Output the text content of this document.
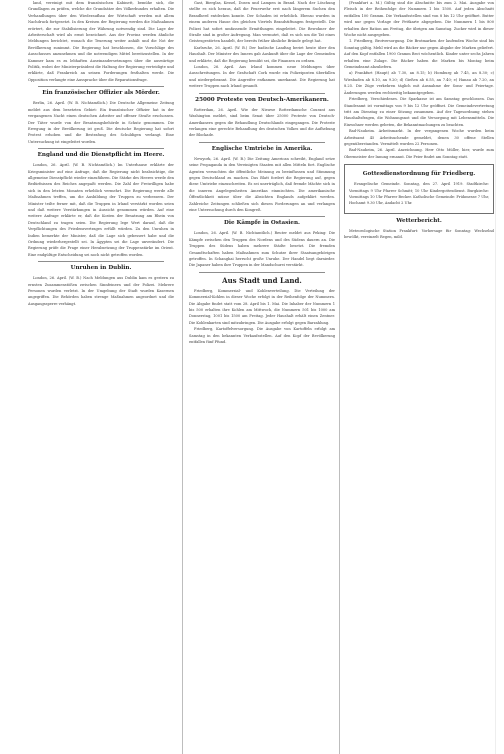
land, vereinigt mit dem französischen Kabinett, bemühe sich, die Grundlagen zu prüfen, welche die Grundsätze des Völkerbundes erhalten. Die Verhandlungen über den Wiederaufbau der Wirtschaft werden mit allem Nachdruck fortgesetzt. In den Kreisen der Regierung werden die Maßnahmen erörtert, die zur Stabilisierung der Währung notwendig sind. Die Lage der Arbeiterschaft wird als ernst bezeichnet. Aus der Provinz werden ähnliche Meldungen berichtet, wonach die Teuerung weiter anhält und die Not der Bevölkerung zunimmt. Die Regierung hat beschlossen, die Vorschläge des Ausschusses anzunehmen und die notwendigen Mittel bereitzustellen. In der Kammer kam es zu lebhaften Auseinandersetzungen über die auswärtige Politik, wobei der Ministerpräsident die Haltung der Regierung verteidigte und erklärte, daß Frankreich an seinen Forderungen festhalten werde. Die Opposition verlangte eine Aussprache über die Reparationsfrage.

Ein französischer Offizier als Mörder.

Berlin, 26. April. (W. B. Nichtamtlich.) Die Deutsche Allgemeine Zeitung meldet aus dem besetzten Gebiet: Ein französischer Offizier hat in der vergangenen Nacht einen deutschen Arbeiter auf offener Straße erschossen. Der Täter wurde von der Besatzungsbehörde in Schutz genommen. Die Erregung in der Bevölkerung ist groß. Die deutsche Regierung hat sofort Protest erhoben und die Bestrafung des Schuldigen verlangt. Eine Untersuchung ist eingeleitet worden.

England und die Dienstpflicht im Heere.

London, 26. April. (W. B. Nichtamtlich.) Im Unterhause erklärte der Kriegsminister auf eine Anfrage, daß die Regierung nicht beabsichtige, die allgemeine Dienstpflicht wieder einzuführen. Die Stärke des Heeres werde den Bedürfnissen des Reiches angepaßt werden. Die Zahl der Freiwilligen habe sich in den letzten Monaten erheblich vermehrt. Die Regierung werde alle Maßnahmen treffen, um die Ausbildung der Truppen zu verbessern. Der Minister teilte ferner mit, daß die Truppen in Irland verstärkt worden seien und daß weitere Verstärkungen in Aussicht genommen würden. Auf eine weitere Anfrage erklärte er, daß die Kosten der Besatzung am Rhein von Deutschland zu tragen seien. Die Regierung lege Wert darauf, daß die Verpflichtungen des Friedensvertrages erfüllt würden. Zu den Unruhen in Indien bemerkte der Minister, daß die Lage sich gebessert habe und die Ordnung wiederhergestellt sei. In Ägypten sei die Lage unverändert. Die Regierung prüfe die Frage einer Herabsetzung der Truppenstärke im Orient. Eine endgültige Entscheidung sei noch nicht getroffen worden.

Unruhen in Dublin.

London, 26. April. (W. B.) Nach Meldungen aus Dublin kam es gestern zu ernsten Zusammenstößen zwischen Sinnfeinern und der Polizei. Mehrere Personen wurden verletzt. In der Umgebung der Stadt wurden Kasernen angegriffen. Die Behörden haben strenge Maßnahmen angeordnet und die Ausgangssperre verhängt.

Gast, Bierglas, Kessel, Dosen und Lampen in Brand. Nach der Löschung stellte es sich heraus, daß die Feuerwehr erst nach längerem Suchen den Brandherd entdecken konnte. Der Schaden ist erheblich. Ebenso wurden in einem anderen Hause des gleichen Viertels Brandstiftungen festgestellt. Die Polizei hat sofort umfassende Ermittlungen eingeleitet. Die Bewohner der Straße sind in großer Aufregung. Man vermutet, daß es sich um die Tat eines Geistesgestörten handelt, der bereits früher ähnliche Brände gelegt hat.

Karlsruhe, 26. April. (W. B.) Der badische Landtag beriet heute über den Haushalt. Der Minister des Innern gab Auskunft über die Lage der Gemeinden und erklärte, daß die Regierung bemüht sei, die Finanzen zu ordnen.

London, 26. April. Aus Irland kommen neue Meldungen über Ausschreitungen. In der Grafschaft Cork wurde ein Polizeiposten überfallen und niedergebrannt. Die Angreifer entkamen unerkannt. Die Regierung hat weitere Truppen nach Irland gesandt.

25000 Proteste von Deutsch-Amerikanern.

Rotterdam, 26. April. Wie der Nieuwe Rotterdamsche Courant aus Washington meldet, sind beim Senat über 25000 Proteste von Deutsch-Amerikanern gegen die Behandlung Deutschlands eingegangen. Die Proteste verlangen eine gerechte Behandlung des deutschen Volkes und die Aufhebung der Blockade.

Englische Umtriebe in Amerika.

Newyork, 26. April. (W. B.) Die Zeitung American schreibt, England setze seine Propaganda in den Vereinigten Staaten mit allen Mitteln fort. Englische Agenten versuchten die öffentliche Meinung zu beeinflussen und Stimmung gegen Deutschland zu machen. Das Blatt fordert die Regierung auf, gegen diese Umtriebe einzuschreiten. Es sei unerträglich, daß fremde Mächte sich in die inneren Angelegenheiten Amerikas einmischten. Die amerikanische Öffentlichkeit müsse über die Absichten Englands aufgeklärt werden. Zahlreiche Zeitungen schließen sich diesen Forderungen an und verlangen eine Untersuchung durch den Kongreß.

Die Kämpfe in Ostasien.

London, 26. April. (W. B. Nichtamtlich.) Reuter meldet aus Peking: Die Kämpfe zwischen den Truppen des Nordens und des Südens dauern an. Die Truppen des Südens haben mehrere Städte besetzt. Die fremden Gesandtschaften haben Maßnahmen zum Schutze ihrer Staatsangehörigen getroffen. In Schanghai herrscht große Unruhe. Der Handel liegt darnieder. Die Japaner haben ihre Truppen in der Mandschurei verstärkt.

Aus Stadt und Land.

Friedberg, Kommerzial- und Kohlenverteilung. Die Verteilung der Kommerzial-Kohlen in dieser Woche erfolgt in der Reihenfolge der Nummern. Die Abgabe findet statt vom 28. April bis 1. Mai. Die Inhaber der Nummern 1 bis 500 erhalten ihre Kohlen am Mittwoch, die Nummern 501 bis 1000 am Donnerstag, 1001 bis 1500 am Freitag. Jeder Haushalt erhält einen Zentner. Die Kohlenkarten sind mitzubringen. Die Ausgabe erfolgt gegen Barzahlung.

Friedberg, Kartoffelversorgung. Die Ausgabe von Kartoffeln erfolgt am Samstag in den bekannten Verkaufsstellen. Auf den Kopf der Bevölkerung entfallen fünf Pfund.

(Frankfurt a. M.) Gültig sind die Abschnitte bis zum 2. Mai. Ausgabe von Fleisch in der Reihenfolge der Nummern 1 bis 1500. Auf jeden Abschnitt entfallen 100 Gramm. Die Verkaufsstellen sind von 8 bis 12 Uhr geöffnet. Butter wird nur gegen Vorlage der Fettkarte abgegeben. Die Nummern 1 bis 800 erhalten ihre Ration am Freitag, die übrigen am Samstag. Zucker wird in dieser Woche nicht ausgegeben.

1. Friedberg, Brotversorgung. Die Brotmarken der laufenden Woche sind bis Sonntag gültig. Mehl wird an die Bäcker nur gegen Abgabe der Marken geliefert. Auf den Kopf entfallen 1900 Gramm Brot wöchentlich. Kinder unter sechs Jahren erhalten eine Zulage. Die Bäcker haben die Marken bis Montag beim Gemeindeamt abzuliefern.

a) Frankfurt (Haupt) ab 7.30, an 8.15; b) Homburg ab 7.45, an 8.30; c) Wiesbaden ab 8.10, an 9.20; d) Gießen ab 6.55, an 7.40; e) Hanau ab 7.20, an 8.25. Die Züge verkehren täglich mit Ausnahme der Sonn- und Feiertage. Änderungen werden rechtzeitig bekanntgegeben.

Friedberg, Verschiedenes. Die Sparkasse ist am Samstag geschlossen. Das Standesamt ist vormittags von 9 bis 12 Uhr geöffnet. Die Gemeindevertretung tritt am Dienstag zu einer Sitzung zusammen. Auf der Tagesordnung stehen Haushaltsfragen, die Wohnungsnot und die Versorgung mit Lebensmitteln. Die Einwohner werden gebeten, die Bekanntmachungen zu beachten.

Bad-Nauheim. Arbeitsmarkt. In der vergangenen Woche wurden beim Arbeitsamt 45 Arbeitsuchende gemeldet, denen 30 offene Stellen gegenüberstanden. Vermittelt wurden 22 Personen.

Bad-Nauheim, 26. April. Anzeichnung. Herr Otto Müller, hier, wurde zum Obermeister der Innung ernannt. Die Feier findet am Sonntag statt.

Gottesdienstordnung für Friedberg.

Evangelische Gemeinde. Sonntag, den 27. April 1919. Stadtkirche: Vormittags 9 Uhr Pfarrer Schmitt; 10 Uhr Kindergottesdienst. Burgkirche: Vormittags 10 Uhr Pfarrer Becker. Katholische Gemeinde: Frühmesse 7 Uhr, Hochamt 9.30 Uhr, Andacht 2 Uhr.

Wetterbericht.

Meteorologische Station Frankfurt: Vorhersage für Sonntag: Wechselnd bewölkt, vereinzelt Regen, mild.
